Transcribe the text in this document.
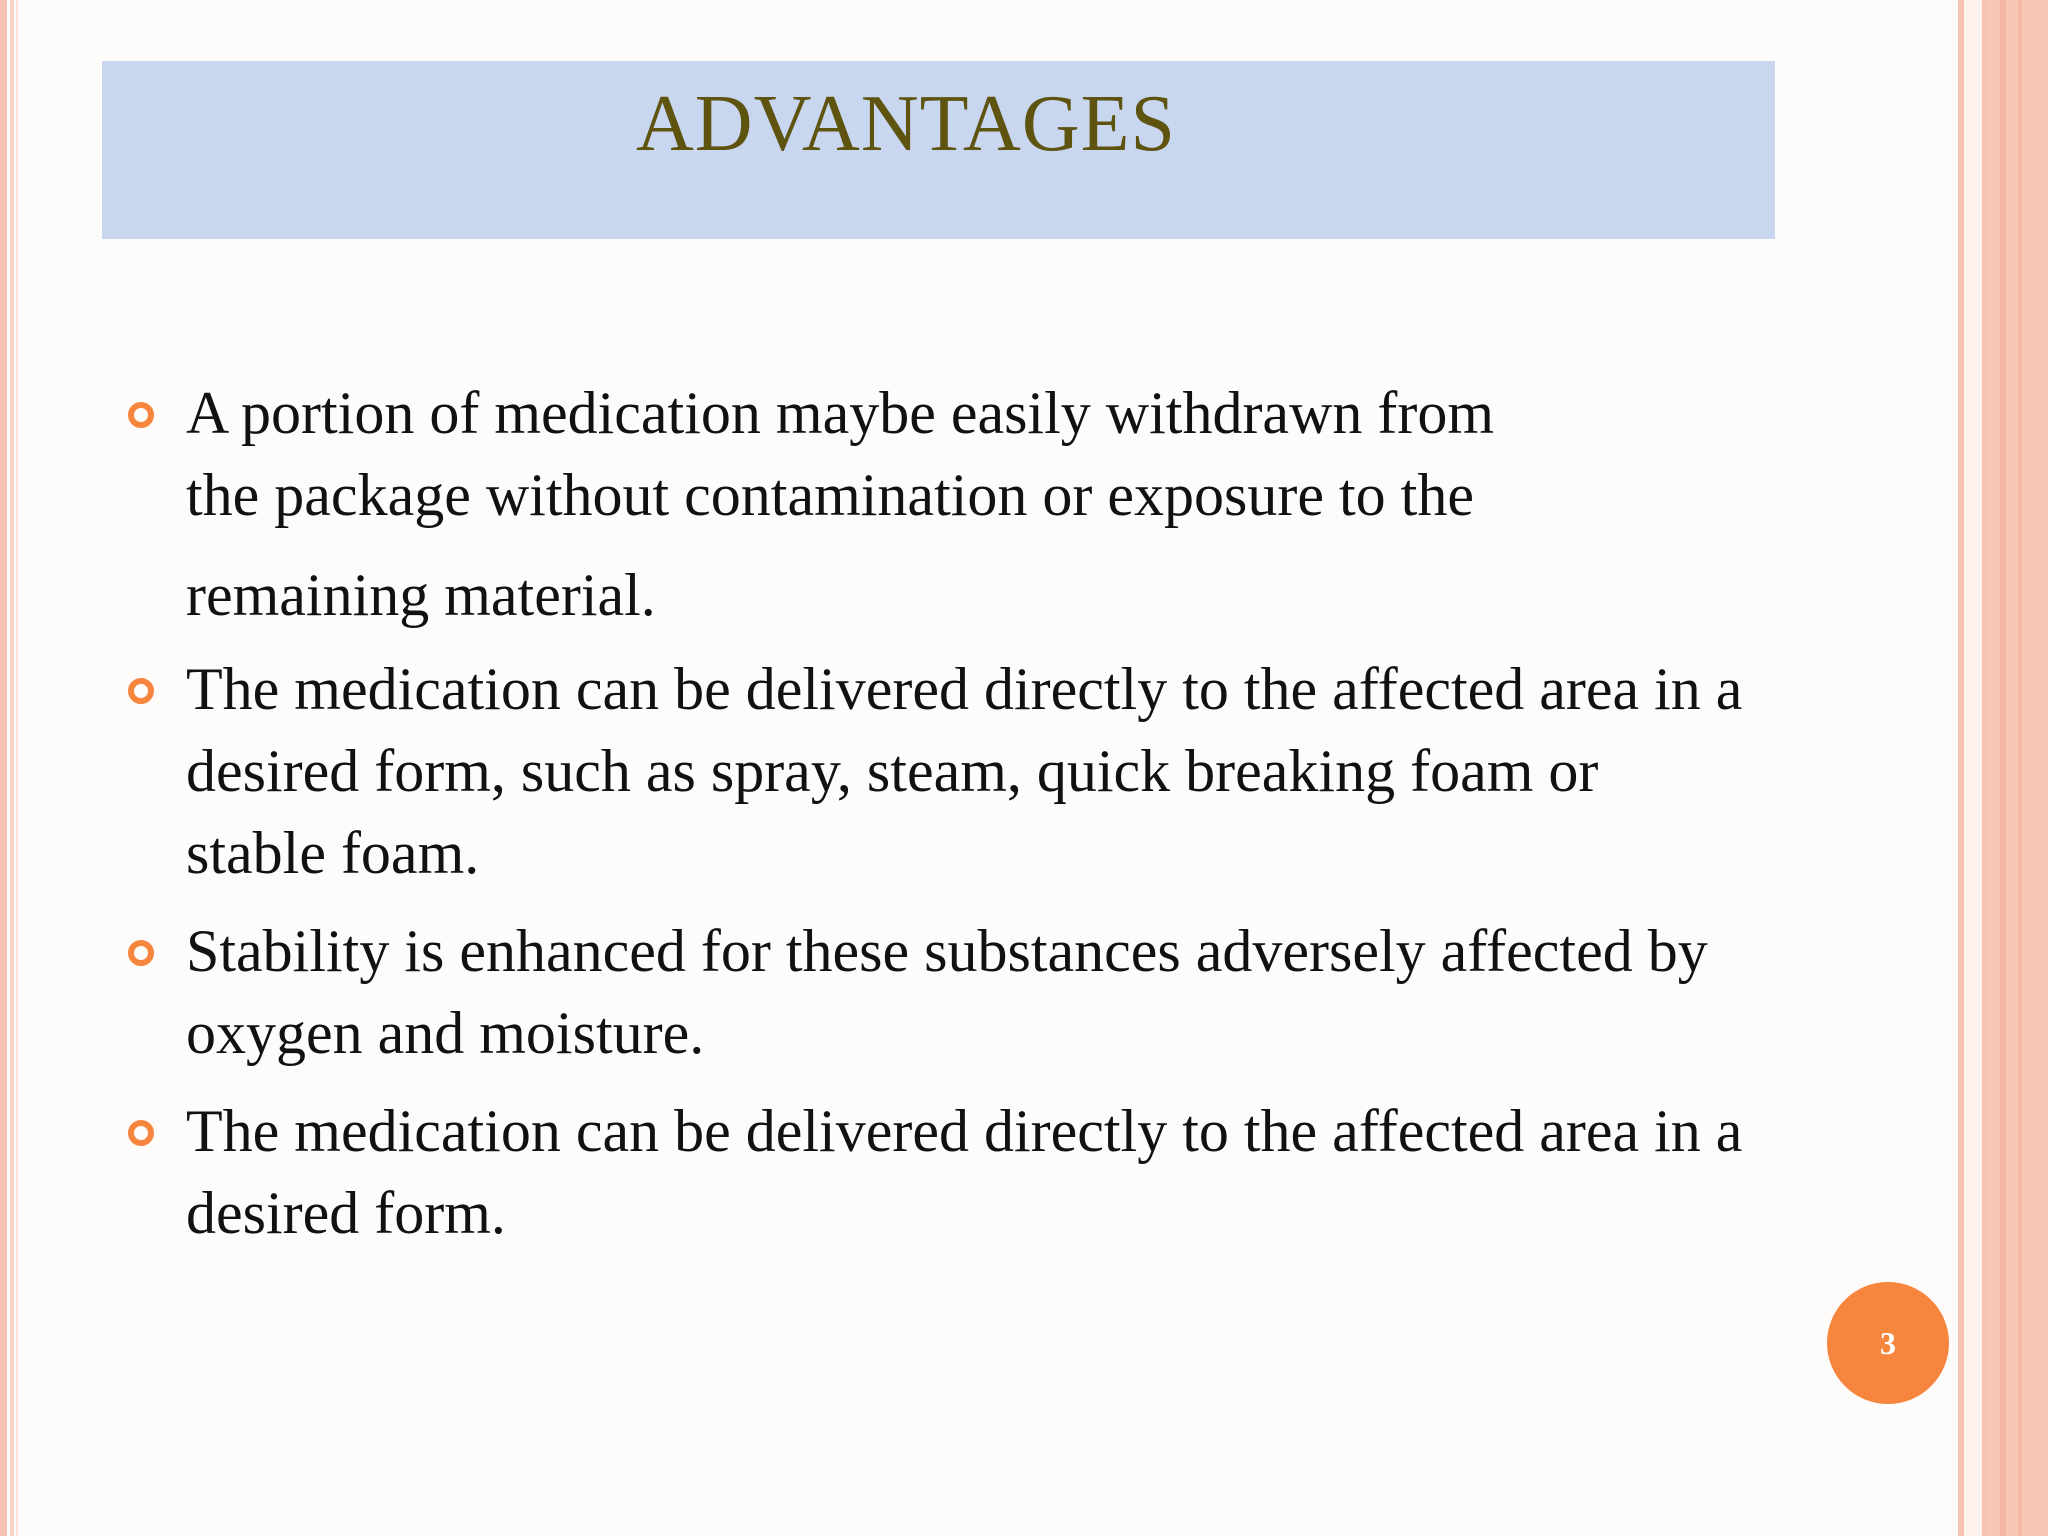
ADVANTAGES
A portion of medication maybe easily withdrawn from
the package without contamination or exposure to the
remaining material.
The medication can be delivered directly to the affected area in a desired form, such as spray, steam, quick breaking foam or stable foam.
Stability is enhanced for these substances adversely affected by oxygen and moisture.
The medication can be delivered directly to the affected area in a desired form.
3
